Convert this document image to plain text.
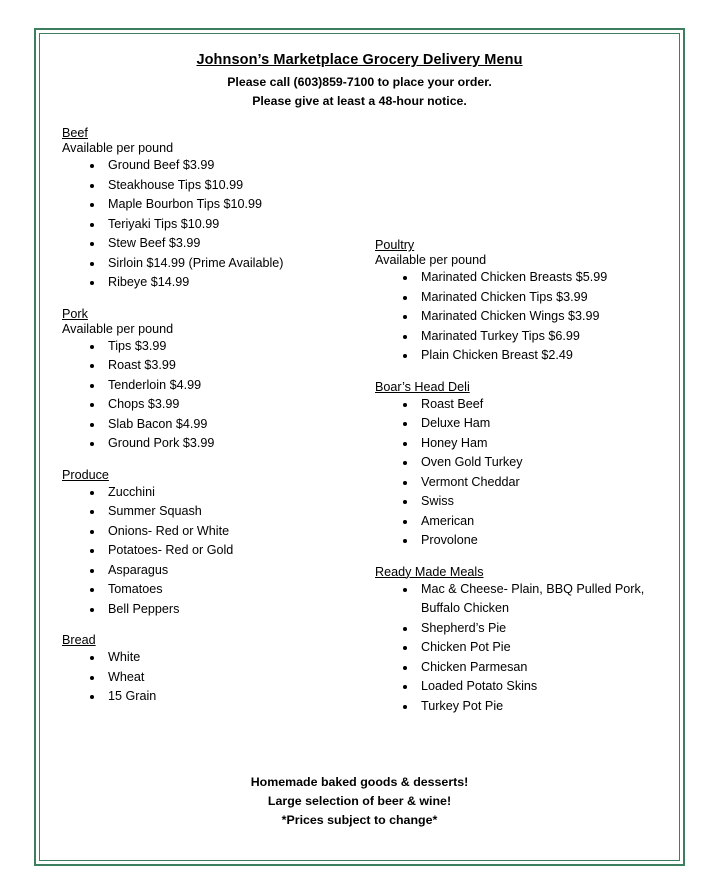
Johnson’s Marketplace Grocery Delivery Menu
Please call (603)859-7100 to place your order.
Please give at least a 48-hour notice.
Beef
Available per pound
Ground Beef $3.99
Steakhouse Tips $10.99
Maple Bourbon Tips $10.99
Teriyaki Tips $10.99
Stew Beef $3.99
Sirloin $14.99 (Prime Available)
Ribeye $14.99
Pork
Available per pound
Tips $3.99
Roast $3.99
Tenderloin $4.99
Chops $3.99
Slab Bacon $4.99
Ground Pork $3.99
Produce
Zucchini
Summer Squash
Onions- Red or White
Potatoes- Red or Gold
Asparagus
Tomatoes
Bell Peppers
Bread
White
Wheat
15 Grain
Poultry
Available per pound
Marinated Chicken Breasts $5.99
Marinated Chicken Tips $3.99
Marinated Chicken Wings $3.99
Marinated Turkey Tips $6.99
Plain Chicken Breast $2.49
Boar’s Head Deli
Roast Beef
Deluxe Ham
Honey Ham
Oven Gold Turkey
Vermont Cheddar
Swiss
American
Provolone
Ready Made Meals
Mac & Cheese- Plain, BBQ Pulled Pork, Buffalo Chicken
Shepherd’s Pie
Chicken Pot Pie
Chicken Parmesan
Loaded Potato Skins
Turkey Pot Pie
Homemade baked goods & desserts!
Large selection of beer & wine!
*Prices subject to change*
